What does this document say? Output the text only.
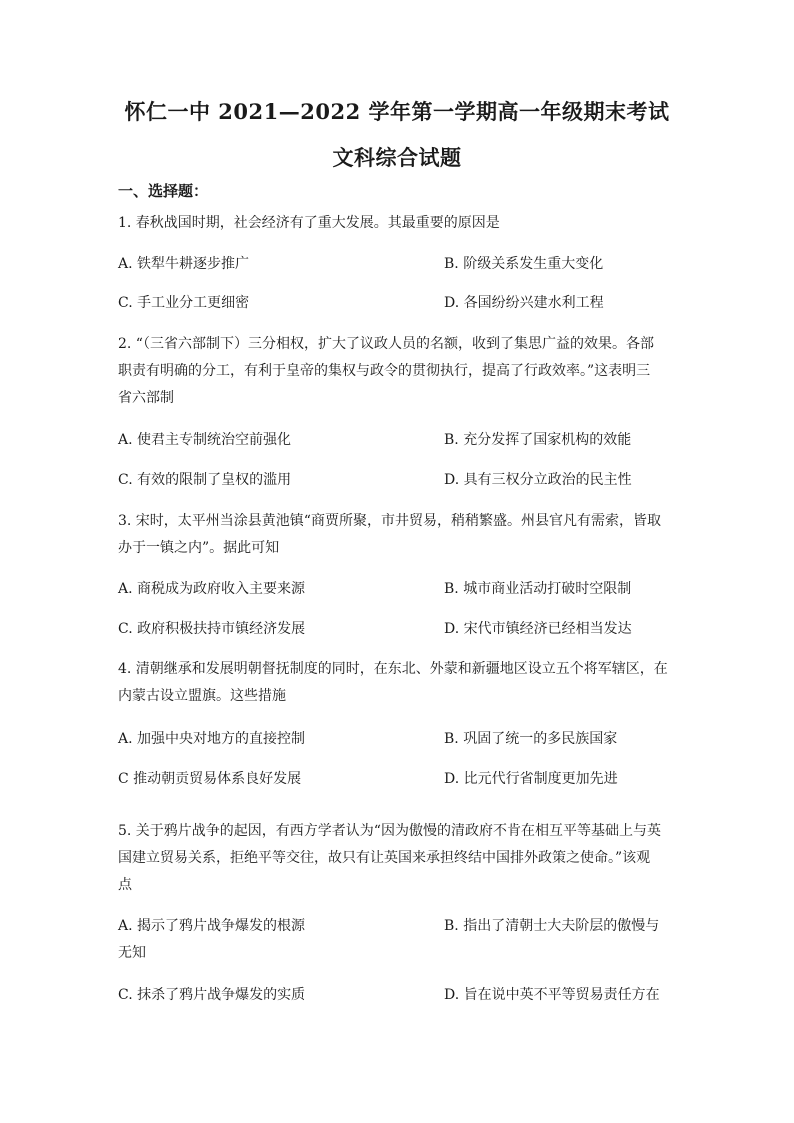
怀仁一中 2021—2022 学年第一学期高一年级期末考试
文科综合试题
一、选择题：
1. 春秋战国时期，社会经济有了重大发展。其最重要的原因是
A. 铁犁牛耕逐步推广	B. 阶级关系发生重大变化
C. 手工业分工更细密	D. 各国纷纷兴建水利工程
2. “（三省六部制下）三分相权，扩大了议政人员的名额，收到了集思广益的效果。各部
职责有明确的分工，有利于皇帝的集权与政令的贯彻执行，提高了行政效率。”这表明三
省六部制
A. 使君主专制统治空前强化	B. 充分发挥了国家机构的效能
C. 有效的限制了皇权的滥用	D. 具有三权分立政治的民主性
3. 宋时，太平州当涂县黄池镇“商贾所聚，市井贸易，稍稍繁盛。州县官凡有需索，皆取
办于一镇之内”。据此可知
A. 商税成为政府收入主要来源	B. 城市商业活动打破时空限制
C. 政府积极扶持市镇经济发展	D. 宋代市镇经济已经相当发达
4. 清朝继承和发展明朝督抚制度的同时，在东北、外蒙和新疆地区设立五个将军辖区，在
内蒙古设立盟旗。这些措施
A. 加强中央对地方的直接控制	B. 巩固了统一的多民族国家
C 推动朝贡贸易体系良好发展	D. 比元代行省制度更加先进
5. 关于鸦片战争的起因，有西方学者认为“因为傲慢的清政府不肯在相互平等基础上与英
国建立贸易关系，拒绝平等交往，故只有让英国来承担终结中国排外政策之使命。”该观
点
A. 揭示了鸦片战争爆发的根源	B. 指出了清朝士大夫阶层的傲慢与
无知
C. 抹杀了鸦片战争爆发的实质	D. 旨在说中英不平等贸易责任方在
